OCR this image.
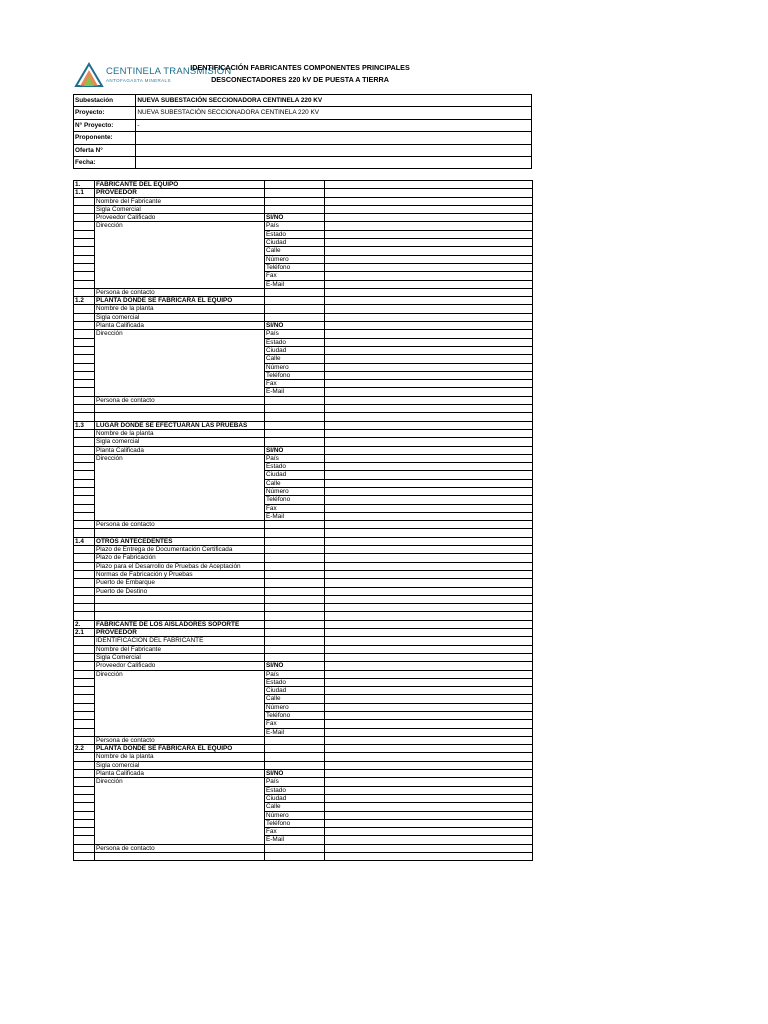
CENTINELA TRANSMISIÓN
ANTOFAGASTA MINERALS
IDENTIFICACIÓN FABRICANTES COMPONENTES PRINCIPALES
DESCONECTADORES 220 kV DE PUESTA A TIERRA
Subestación	NUEVA SUBESTACIÓN SECCIONADORA CENTINELA 220 KV
Proyecto:	NUEVA SUBESTACIÓN SECCIONADORA CENTINELA 220 KV
N° Proyecto:	-
Proponente:	
Oferta N°	
Fecha:	
1.	FABRICANTE DEL EQUIPO		
1.1	PROVEEDOR		
	Nombre del Fabricante		
	Sigla Comercial		
	Proveedor Calificado	SI/NO	
	Dirección	País	
		Estado	
		Ciudad	
		Calle	
		Número	
		Teléfono	
		Fax	
		E-Mail	
	Persona de contacto		
1.2	PLANTA DONDE SE FABRICARÁ EL EQUIPO		
	Nombre de la planta		
	Sigla comercial		
	Planta Calificada	SI/NO	
	Dirección	País	
		Estado	
		Ciudad	
		Calle	
		Número	
		Teléfono	
		Fax	
		E-Mail	
	Persona de contacto		

1.3	LUGAR DONDE SE EFECTUARÁN LAS PRUEBAS		
	Nombre de la planta		
	Sigla comercial		
	Planta Calificada	SI/NO	
	Dirección	País	
		Estado	
		Ciudad	
		Calle	
		Número	
		Teléfono	
		Fax	
		E-Mail	
	Persona de contacto		

1.4	OTROS ANTECEDENTES		
	Plazo de Entrega de Documentación Certificada		
	Plazo de Fabricación		
	Plazo para el Desarrollo de Pruebas de Aceptación		
	Normas de Fabricación y Pruebas		
	Puerto de Embarque		
	Puerto de Destino		

2.	FABRICANTE DE LOS AISLADORES SOPORTE		
2.1	PROVEEDOR		
	IDENTIFICACIÓN DEL FABRICANTE		
	Nombre del Fabricante		
	Sigla Comercial		
	Proveedor Calificado	SI/NO	
	Dirección	País	
		Estado	
		Ciudad	
		Calle	
		Número	
		Teléfono	
		Fax	
		E-Mail	
	Persona de contacto		
2.2	PLANTA DONDE SE FABRICARÁ EL EQUIPO		
	Nombre de la planta		
	Sigla comercial		
	Planta Calificada	SI/NO	
	Dirección	País	
		Estado	
		Ciudad	
		Calle	
		Número	
		Teléfono	
		Fax	
		E-Mail	
	Persona de contacto		
